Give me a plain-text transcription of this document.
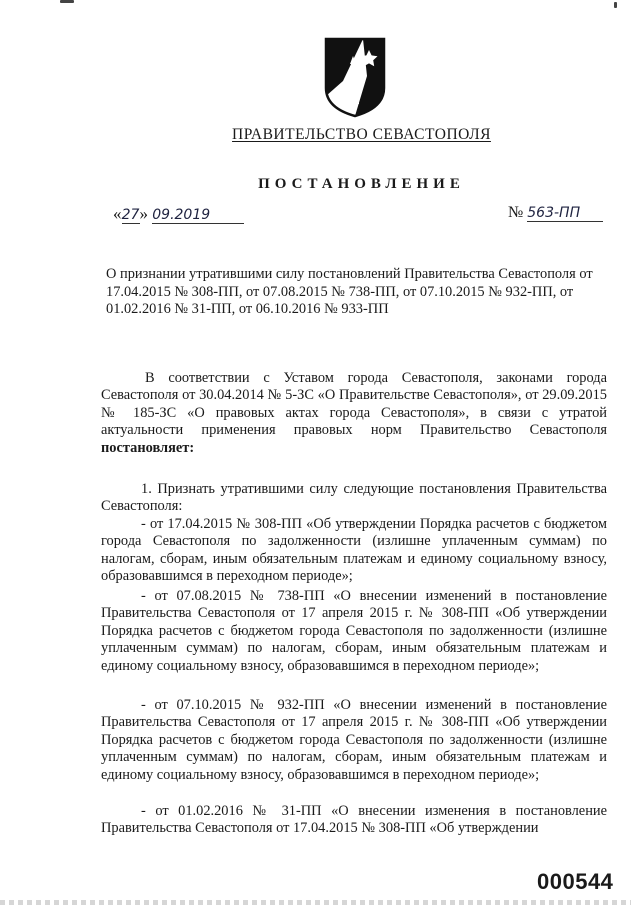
ПРАВИТЕЛЬСТВО СЕВАСТОПОЛЯ
ПОСТАНОВЛЕНИЕ
«27» 09.2019	№ 563-ПП
О признании утратившими силу постановлений Правительства Севастополя от 17.04.2015 № 308-ПП, от 07.08.2015 № 738-ПП, от 07.10.2015 № 932-ПП, от 01.02.2016 № 31-ПП, от 06.10.2016 № 933-ПП
В соответствии с Уставом города Севастополя, законами города Севастополя от 30.04.2014 № 5-ЗС «О Правительстве Севастополя», от 29.09.2015 № 185-ЗС «О правовых актах города Севастополя», в связи с утратой актуальности применения правовых норм Правительство Севастополя постановляет:
1. Признать утратившими силу следующие постановления Правительства Севастополя:
- от 17.04.2015 № 308-ПП «Об утверждении Порядка расчетов с бюджетом города Севастополя по задолженности (излишне уплаченным суммам) по налогам, сборам, иным обязательным платежам и единому социальному взносу, образовавшимся в переходном периоде»;
- от 07.08.2015 № 738-ПП «О внесении изменений в постановление Правительства Севастополя от 17 апреля 2015 г. № 308-ПП «Об утверждении Порядка расчетов с бюджетом города Севастополя по задолженности (излишне уплаченным суммам) по налогам, сборам, иным обязательным платежам и единому социальному взносу, образовавшимся в переходном периоде»;
- от 07.10.2015 № 932-ПП «О внесении изменений в постановление Правительства Севастополя от 17 апреля 2015 г. № 308-ПП «Об утверждении Порядка расчетов с бюджетом города Севастополя по задолженности (излишне уплаченным суммам) по налогам, сборам, иным обязательным платежам и единому социальному взносу, образовавшимся в переходном периоде»;
- от 01.02.2016 № 31-ПП «О внесении изменения в постановление Правительства Севастополя от 17.04.2015 № 308-ПП «Об утверждении
000544
